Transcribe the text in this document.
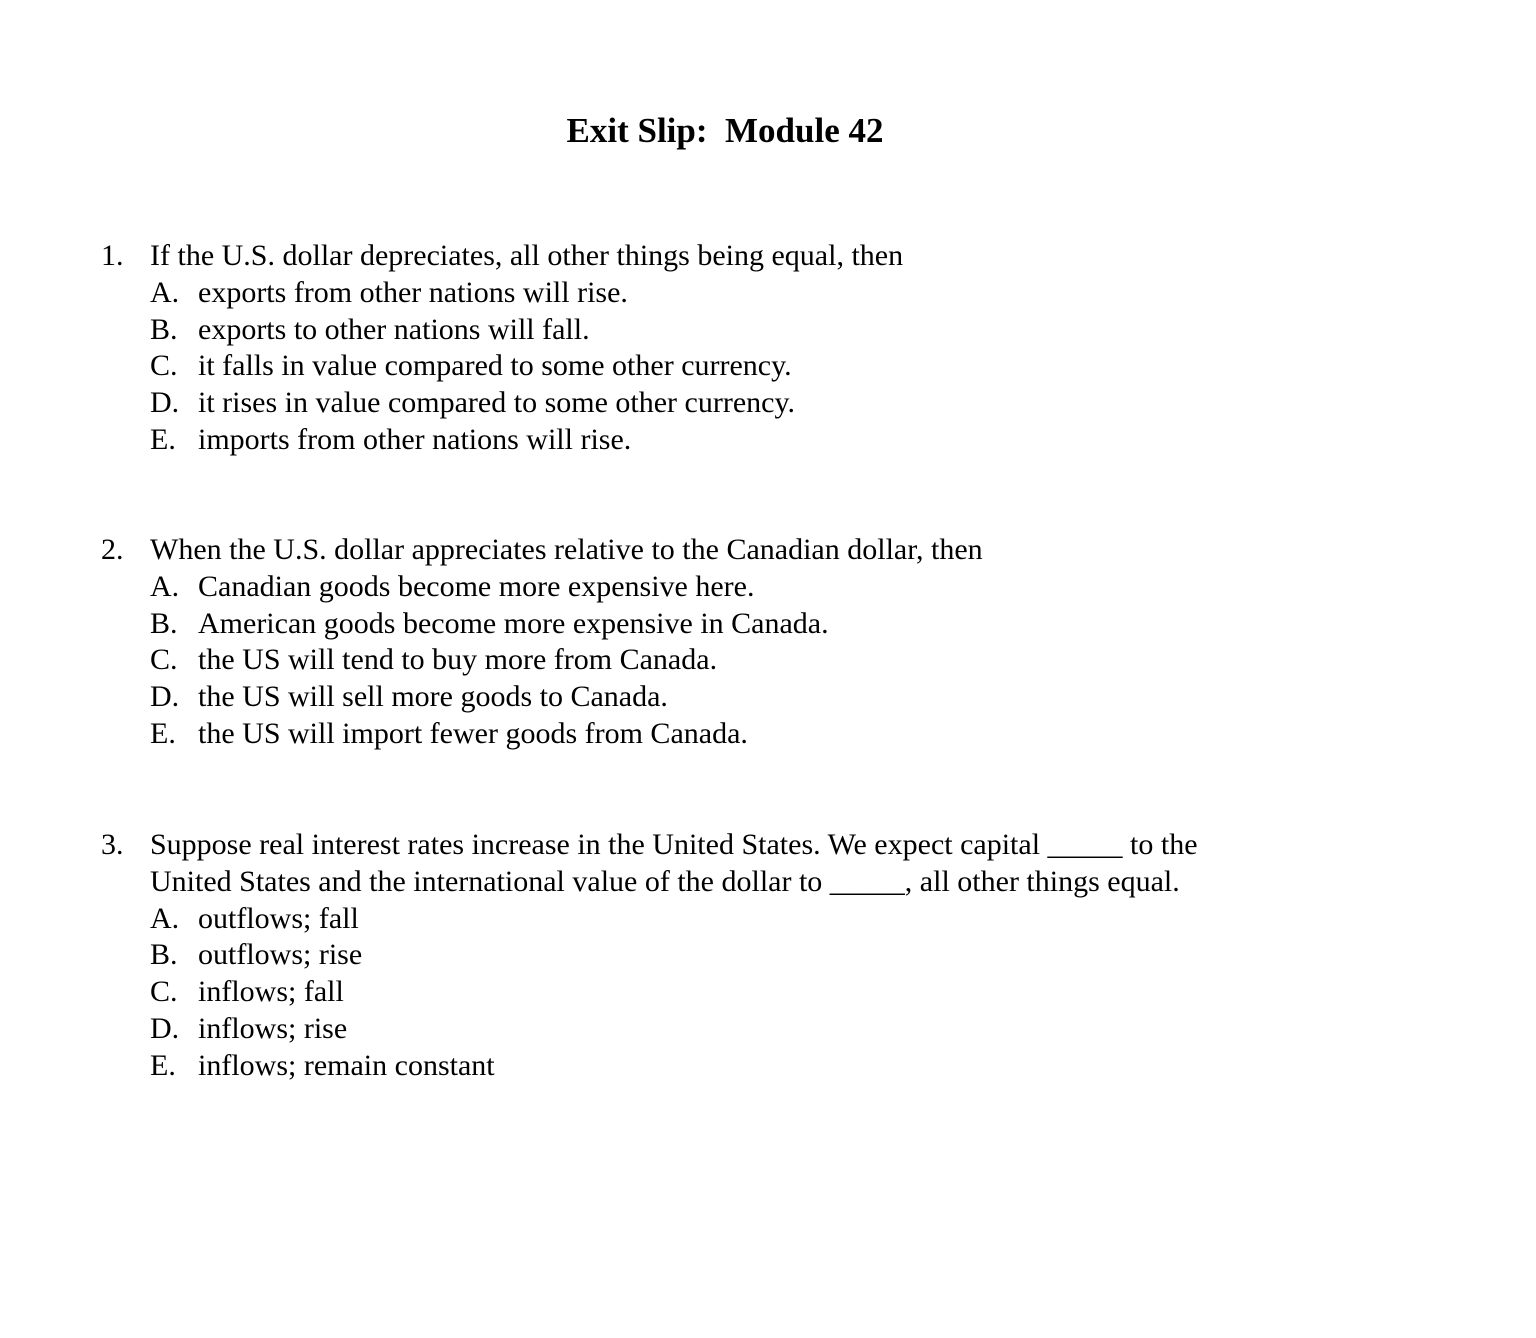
Exit Slip:  Module 42
1. If the U.S. dollar depreciates, all other things being equal, then
A. exports from other nations will rise.
B. exports to other nations will fall.
C. it falls in value compared to some other currency.
D. it rises in value compared to some other currency.
E. imports from other nations will rise.
2. When the U.S. dollar appreciates relative to the Canadian dollar, then
A. Canadian goods become more expensive here.
B. American goods become more expensive in Canada.
C. the US will tend to buy more from Canada.
D. the US will sell more goods to Canada.
E. the US will import fewer goods from Canada.
3. Suppose real interest rates increase in the United States. We expect capital _____ to the
United States and the international value of the dollar to _____, all other things equal.
A. outflows; fall
B. outflows; rise
C. inflows; fall
D. inflows; rise
E. inflows; remain constant
